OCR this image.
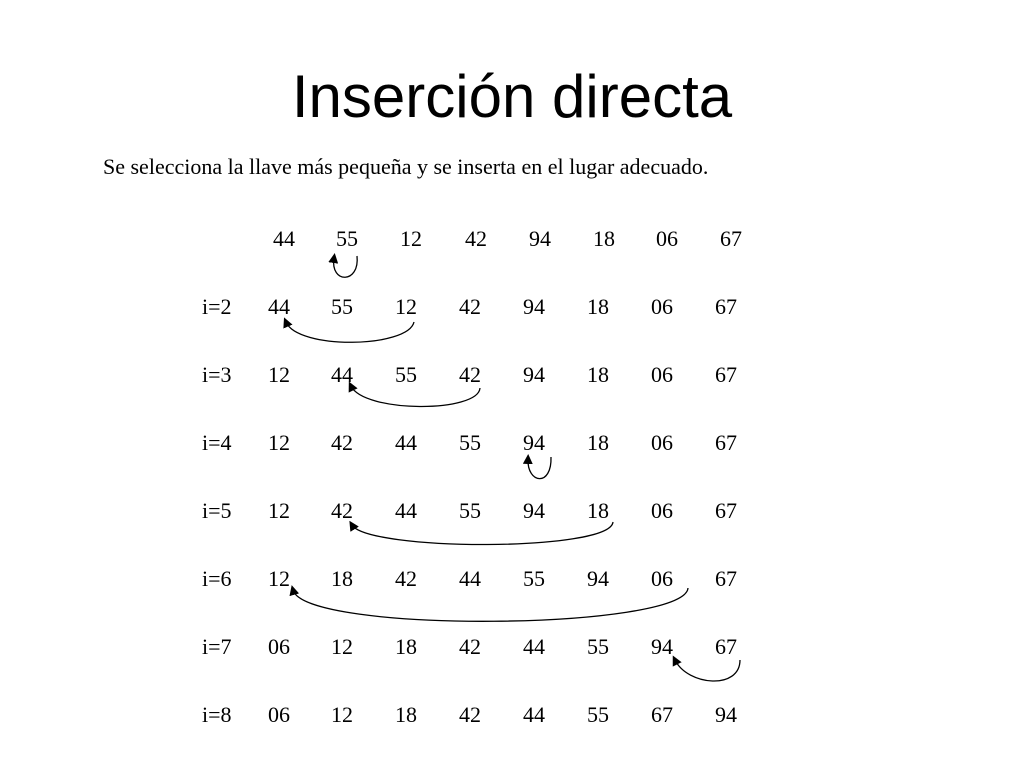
Inserción directa
Se selecciona la llave más pequeña y se inserta en el lugar adecuado.
44	55	12	42	94	18	06	67
i=2	44	55	12	42	94	18	06	67
i=3	12	44	55	42	94	18	06	67
i=4	12	42	44	55	94	18	06	67
i=5	12	42	44	55	94	18	06	67
i=6	12	18	42	44	55	94	06	67
i=7	06	12	18	42	44	55	94	67
i=8	06	12	18	42	44	55	67	94
